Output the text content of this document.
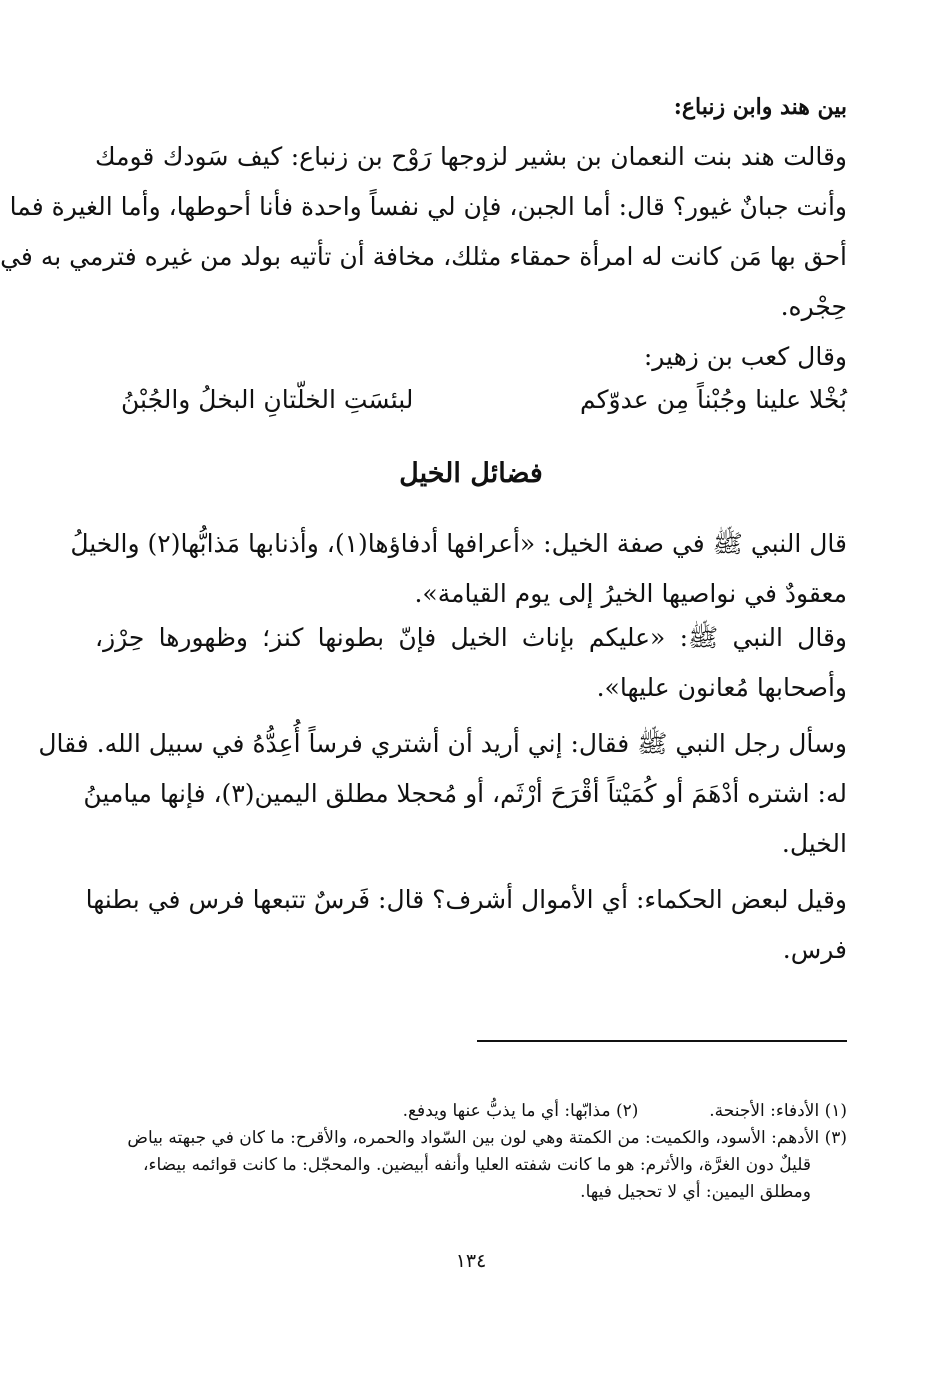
بين هند وابن زنباع:
وقالت هند بنت النعمان بن بشير لزوجها رَوْح بن زنباع: كيف سَودك قومك
وأنت جبانٌ غيور؟ قال: أما الجبن، فإن لي نفساً واحدة فأنا أحوطها، وأما الغيرة فما
أحق بها مَن كانت له امرأة حمقاء مثلك، مخافة أن تأتيه بولد من غيره فترمي به في
حِجْره.
وقال كعب بن زهير:
بُخْلا علينا وجُبْناً مِن عدوّكم
لبئسَتِ الخلّتانِ البخلُ والجُبْنُ
فضائل الخيل
قال النبي ﷺ في صفة الخيل: «أعرافها أدفاؤها(١)، وأذنابها مَذابُّها(٢) والخيلُ
معقودٌ في نواصيها الخيرُ إلى يوم القيامة».
وقال النبي ﷺ: «عليكم بإناث الخيل فإنّ بطونها كنز؛ وظهورها حِرْز،
وأصحابها مُعانون عليها».
وسأل رجل النبي ﷺ فقال: إني أريد أن أشتري فرساً أُعِدُّهُ في سبيل الله. فقال
له: اشتره أدْهَمَ أو كُمَيْتاً أقْرَحَ أرْثَم، أو مُحجلا مطلق اليمين(٣)، فإنها ميامينُ
الخيل.
وقيل لبعض الحكماء: أي الأموال أشرف؟ قال: فَرسٌ تتبعها فرس في بطنها
فرس.
(١) الأدفاء: الأجنحة.  (٢) مذابّها: أي ما يذبُّ عنها ويدفع.
(٣) الأدهم: الأسود، والكميت: من الكمتة وهي لون بين السّواد والحمره، والأقرح: ما كان في جبهته بياض
قليلٌ دون الغرَّة، والأثرم: هو ما كانت شفته العليا وأنفه أبيضين. والمحجّل: ما كانت قوائمه بيضاء،
ومطلق اليمين: أي لا تحجيل فيها.
١٣٤
